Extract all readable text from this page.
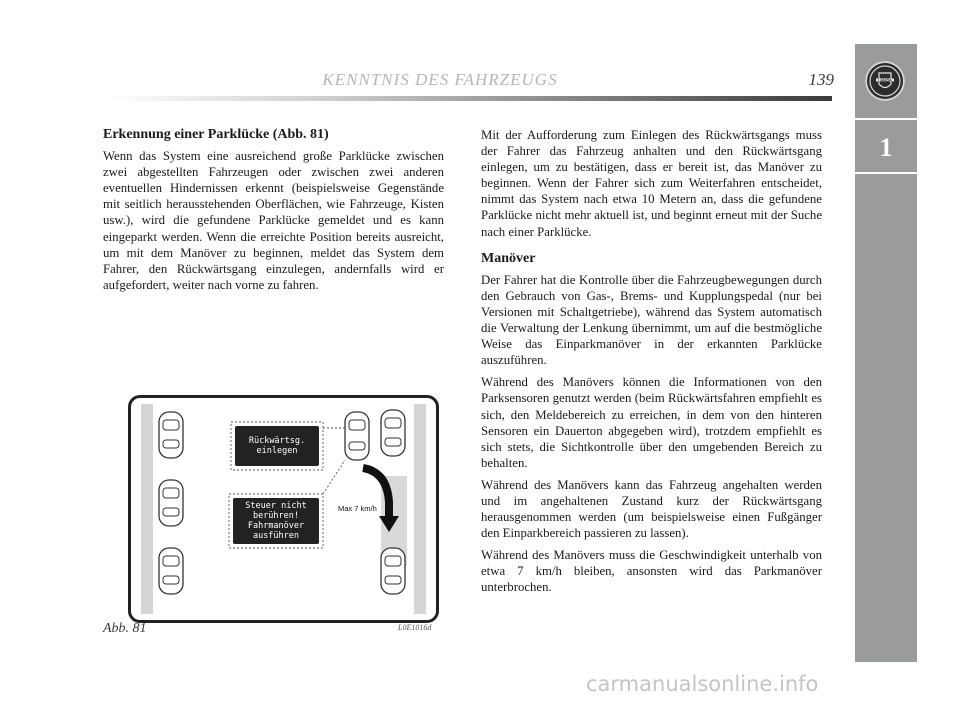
KENNTNIS DES FAHRZEUGS	139	LANCIA
1
Erkennung einer Parklücke (Abb. 81)

Wenn das System eine ausreichend große Parklücke zwischen zwei abgestellten Fahrzeugen oder zwischen zwei anderen eventuellen Hindernissen erkennt (beispielsweise Gegenstände mit seitlich herausstehenden Oberflächen, wie Fahrzeuge, Kisten usw.), wird die gefundene Parklücke gemeldet und es kann eingeparkt werden. Wenn die erreichte Position bereits ausreicht, um mit dem Manöver zu beginnen, meldet das System dem Fahrer, den Rückwärtsgang einzulegen, andernfalls wird er aufgefordert, weiter nach vorne zu fahren.

Mit der Aufforderung zum Einlegen des Rückwärtsgangs muss der Fahrer das Fahrzeug anhalten und den Rückwärtsgang einlegen, um zu bestätigen, dass er bereit ist, das Manöver zu beginnen. Wenn der Fahrer sich zum Weiterfahren entscheidet, nimmt das System nach etwa 10 Metern an, dass die gefundene Parklücke nicht mehr aktuell ist, und beginnt erneut mit der Suche nach einer Parklücke.

Manöver

Der Fahrer hat die Kontrolle über die Fahrzeugbewegungen durch den Gebrauch von Gas-, Brems- und Kupplungspedal (nur bei Versionen mit Schaltgetriebe), während das System automatisch die Verwaltung der Lenkung übernimmt, um auf die bestmögliche Weise das Einparkmanöver in der erkannten Parklücke auszuführen.

Während des Manövers können die Informationen von den Parksensoren genutzt werden (beim Rückwärtsfahren empfiehlt es sich, den Meldebereich zu erreichen, in dem von den hinteren Sensoren ein Dauerton abgegeben wird), trotzdem empfiehlt es sich stets, die Sichtkontrolle über den umgebenden Bereich zu behalten.

Während des Manövers kann das Fahrzeug angehalten werden und im angehaltenen Zustand kurz der Rückwärtsgang herausgenommen werden (um beispielsweise einen Fußgänger den Einparkbereich passieren zu lassen).

Während des Manövers muss die Geschwindigkeit unterhalb von etwa 7 km/h bleiben, ansonsten wird das Parkmanöver unterbrochen.

Rückwärtsg.
einlegen
Steuer nicht
berühren!
Fahrmanöver
ausführen
Max 7 km/h
Abb. 81	L0E1016d
carmanualsonline.info
